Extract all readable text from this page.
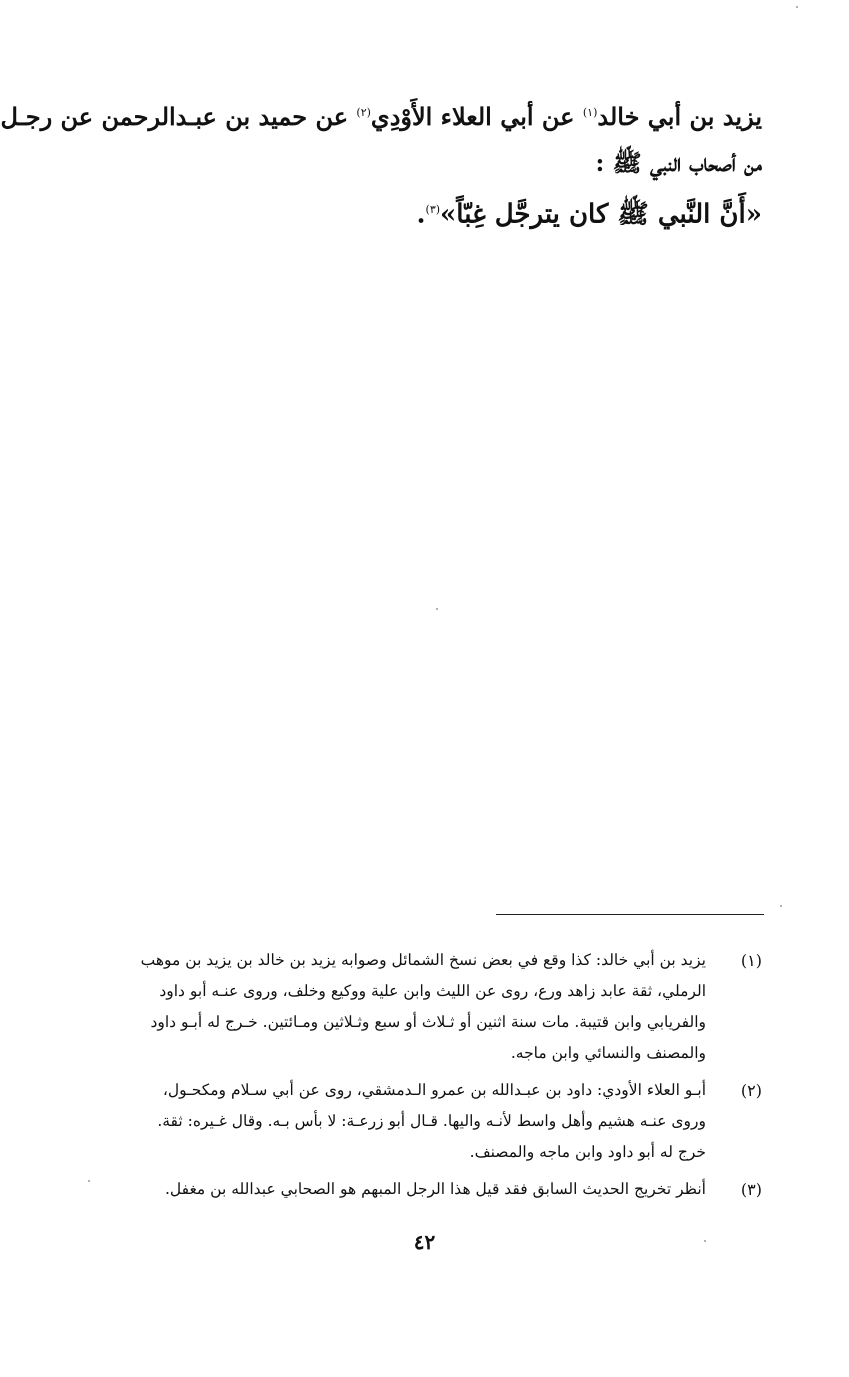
يزيد بن أبي خالد$^{(١)}$ عن أبي العلاء الأَوْدِي$^{(٢)}$ عن حميد بن عبـدالرحمن عن رجـل
من أصحاب النبي ﷺ :
«أَنَّ النَّبي ﷺ كان يترجَّل غِبّاً»$^{(٣)}$.
(١)
يزيد بن أبي خالد: كذا وقع في بعض نسخ الشمائل وصوابه يزيد بن خالد بن يزيد بن موهب
الرملي، ثقة عابد زاهد ورع، روى عن الليث وابن علية ووكيع وخلف، وروى عنـه أبو داود
والفريابي وابن قتيبة. مات سنة اثنين أو ثـلاث أو سبع وثـلاثين ومـائتين. خـرج له أبـو داود
والمصنف والنسائي وابن ماجه.
(٢)
أبـو العلاء الأودي: داود بن عبـدالله بن عمرو الـدمشقي، روى عن أبي سـلام ومكحـول،
وروى عنـه هشيم وأهل واسط لأنـه واليها. قـال أبو زرعـة: لا بأس بـه. وقال غـيره: ثقة.
خرج له أبو داود وابن ماجه والمصنف.
(٣)
أنظر تخريج الحديث السابق فقد قيل هذا الرجل المبهم هو الصحابي عبدالله بن مغفل.
٤٢
